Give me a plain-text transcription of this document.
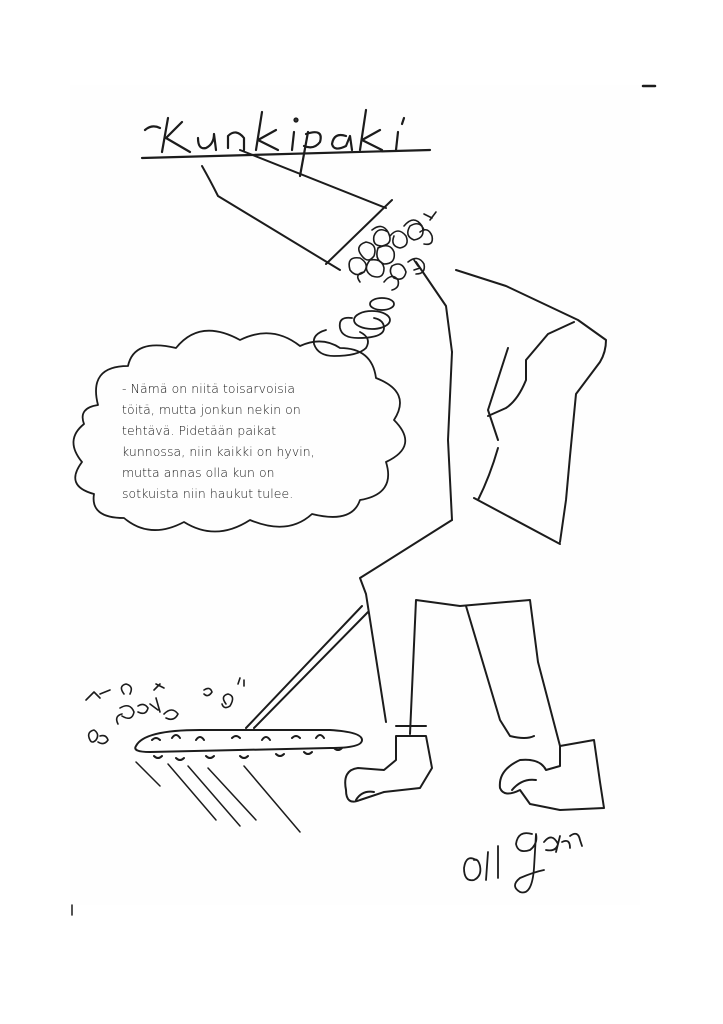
- Nämä on niitä toisarvoisia
töitä, mutta jonkun nekin on
tehtävä. Pidetään paikat
kunnossa, niin kaikki on hyvin,
mutta annas olla kun on
sotkuista niin haukut tulee.
